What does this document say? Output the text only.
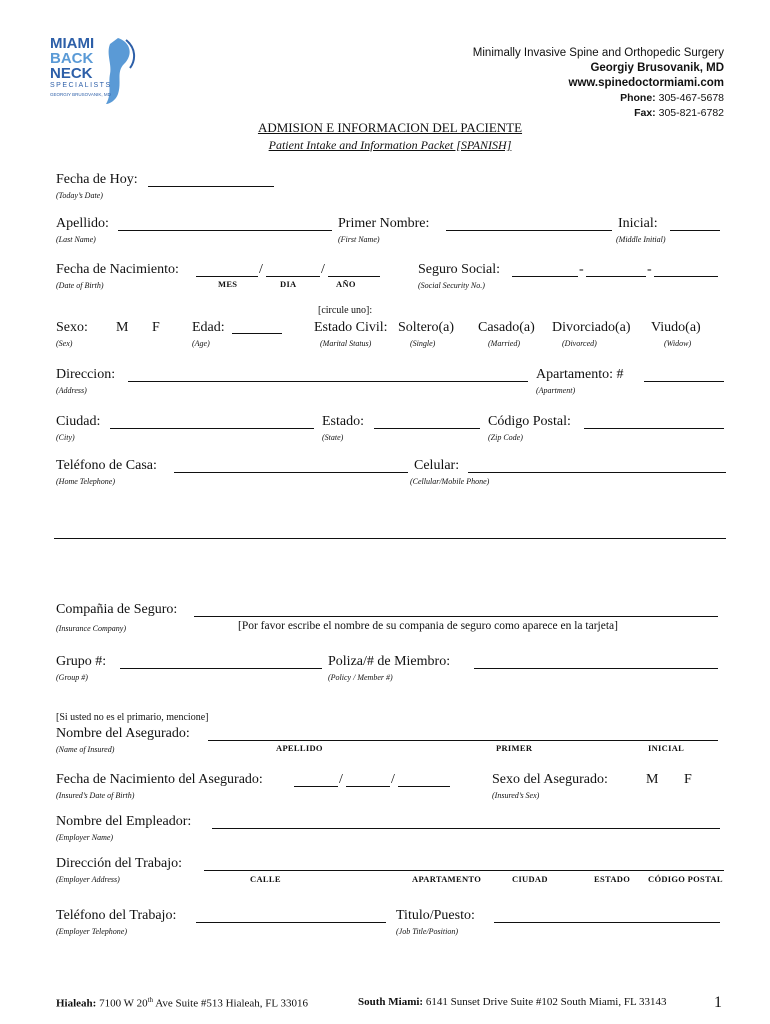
MIAMI
BACK
NECK
SPECIALISTS
GEORGIY BRUSOVANIK, MD
Minimally Invasive Spine and Orthopedic Surgery
Georgiy Brusovanik, MD
www.spinedoctormiami.com
Phone: 305-467-5678
Fax: 305-821-6782
ADMISION E INFORMACION DEL PACIENTE
Patient Intake and Information Packet [SPANISH]
Fecha de Hoy:
(Today’s Date)
Apellido:
(Last Name)
Primer Nombre:
(First Name)
Inicial:
(Middle Initial)
Fecha de Nacimiento:	/	/
(Date of Birth)	MES	DIA	AÑO
Seguro Social:	-	-
(Social Security No.)
[circule uno]:
Sexo: M F
(Sex)
Edad:
(Age)
Estado Civil:
(Marital Status)
Soltero(a)
(Single)
Casado(a)
(Married)
Divorciado(a)
(Divorced)
Viudo(a)
(Widow)
Direccion:
(Address)
Apartamento: #
(Apartment)
Ciudad:
(City)
Estado:
(State)
Código Postal:
(Zip Code)
Teléfono de Casa:
(Home Telephone)
Celular:
(Cellular/Mobile Phone)
Compañia de Seguro:
(Insurance Company)	[Por favor escribe el nombre de su compania de seguro como aparece en la tarjeta]
Grupo #:
(Group #)
Poliza/# de Miembro:
(Policy / Member #)
[Si usted no es el primario, mencione]
Nombre del Asegurado:
(Name of Insured)	APELLIDO	PRIMER	INICIAL
Fecha de Nacimiento del Asegurado:	/	/
(Insured’s Date of Birth)
Sexo del Asegurado:	M F
(Insured’s Sex)
Nombre del Empleador:
(Employer Name)
Dirección del Trabajo:
(Employer Address)	CALLE	APARTAMENTO	CIUDAD	ESTADO CÓDIGO POSTAL
Teléfono del Trabajo:
(Employer Telephone)
Titulo/Puesto:
(Job Title/Position)
Hialeah: 7100 W 20th Ave Suite #513 Hialeah, FL 33016	South Miami: 6141 Sunset Drive Suite #102 South Miami, FL 33143	1
